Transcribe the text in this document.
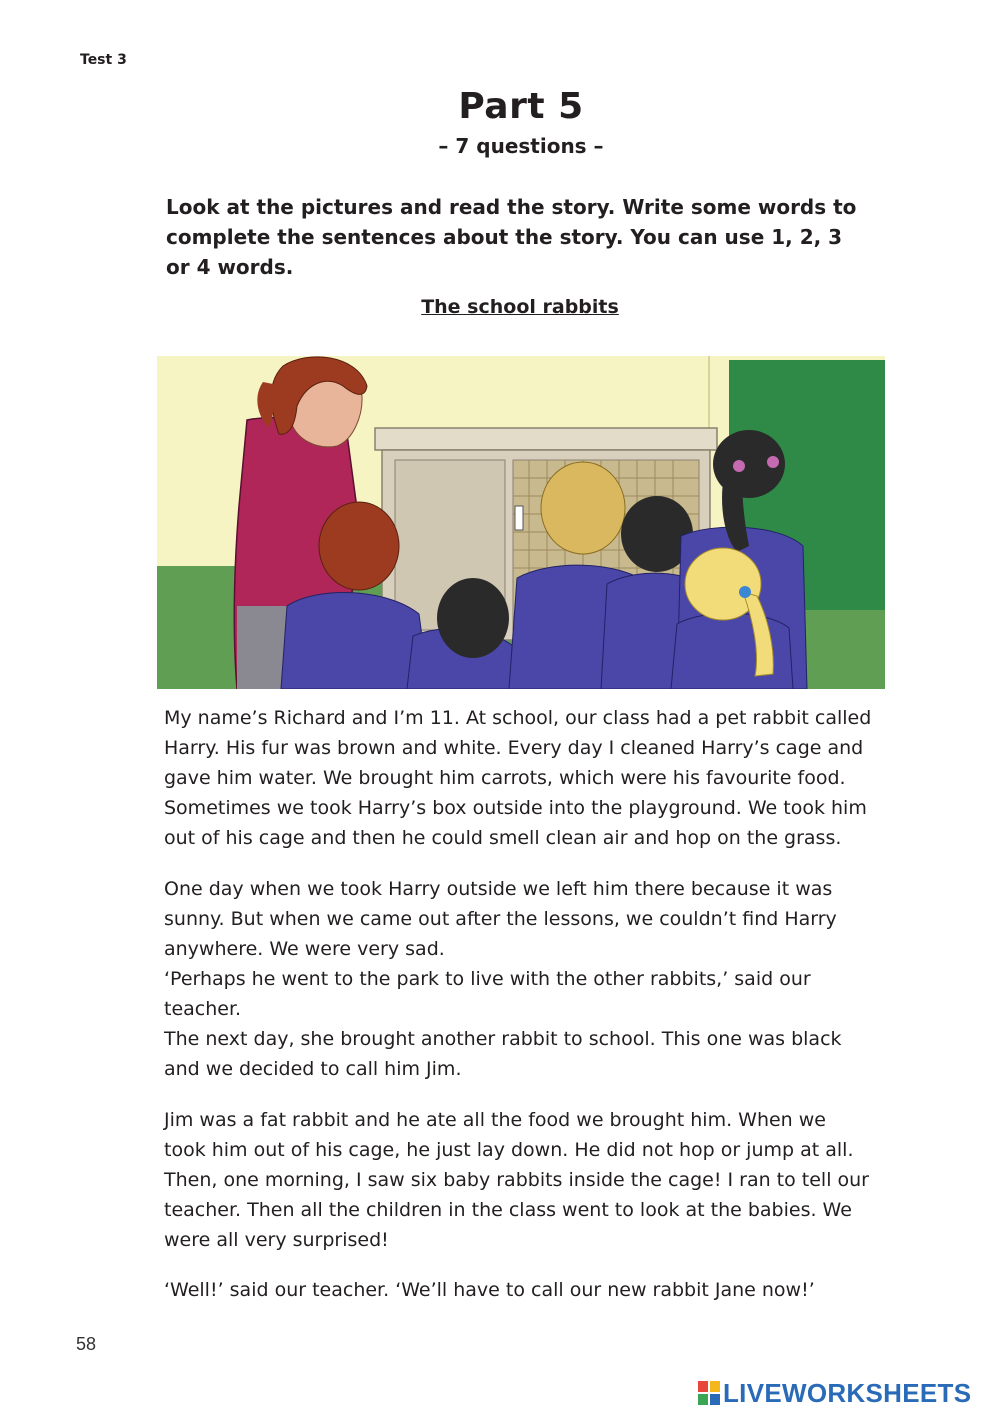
Test 3
Part 5
– 7 questions –
Look at the pictures and read the story. Write some words to complete the sentences about the story. You can use 1, 2, 3 or 4 words.
The school rabbits
My name’s Richard and I’m 11. At school, our class had a pet rabbit called
Harry. His fur was brown and white. Every day I cleaned Harry’s cage and
gave him water. We brought him carrots, which were his favourite food.
Sometimes we took Harry’s box outside into the playground. We took him
out of his cage and then he could smell clean air and hop on the grass.
One day when we took Harry outside we left him there because it was
sunny. But when we came out after the lessons, we couldn’t find Harry
anywhere. We were very sad.
‘Perhaps he went to the park to live with the other rabbits,’ said our
teacher.
The next day, she brought another rabbit to school. This one was black
and we decided to call him Jim.
Jim was a fat rabbit and he ate all the food we brought him. When we
took him out of his cage, he just lay down. He did not hop or jump at all.
Then, one morning, I saw six baby rabbits inside the cage! I ran to tell our
teacher. Then all the children in the class went to look at the babies. We
were all very surprised!
‘Well!’ said our teacher. ‘We’ll have to call our new rabbit Jane now!’
58
LIVEWORKSHEETS
